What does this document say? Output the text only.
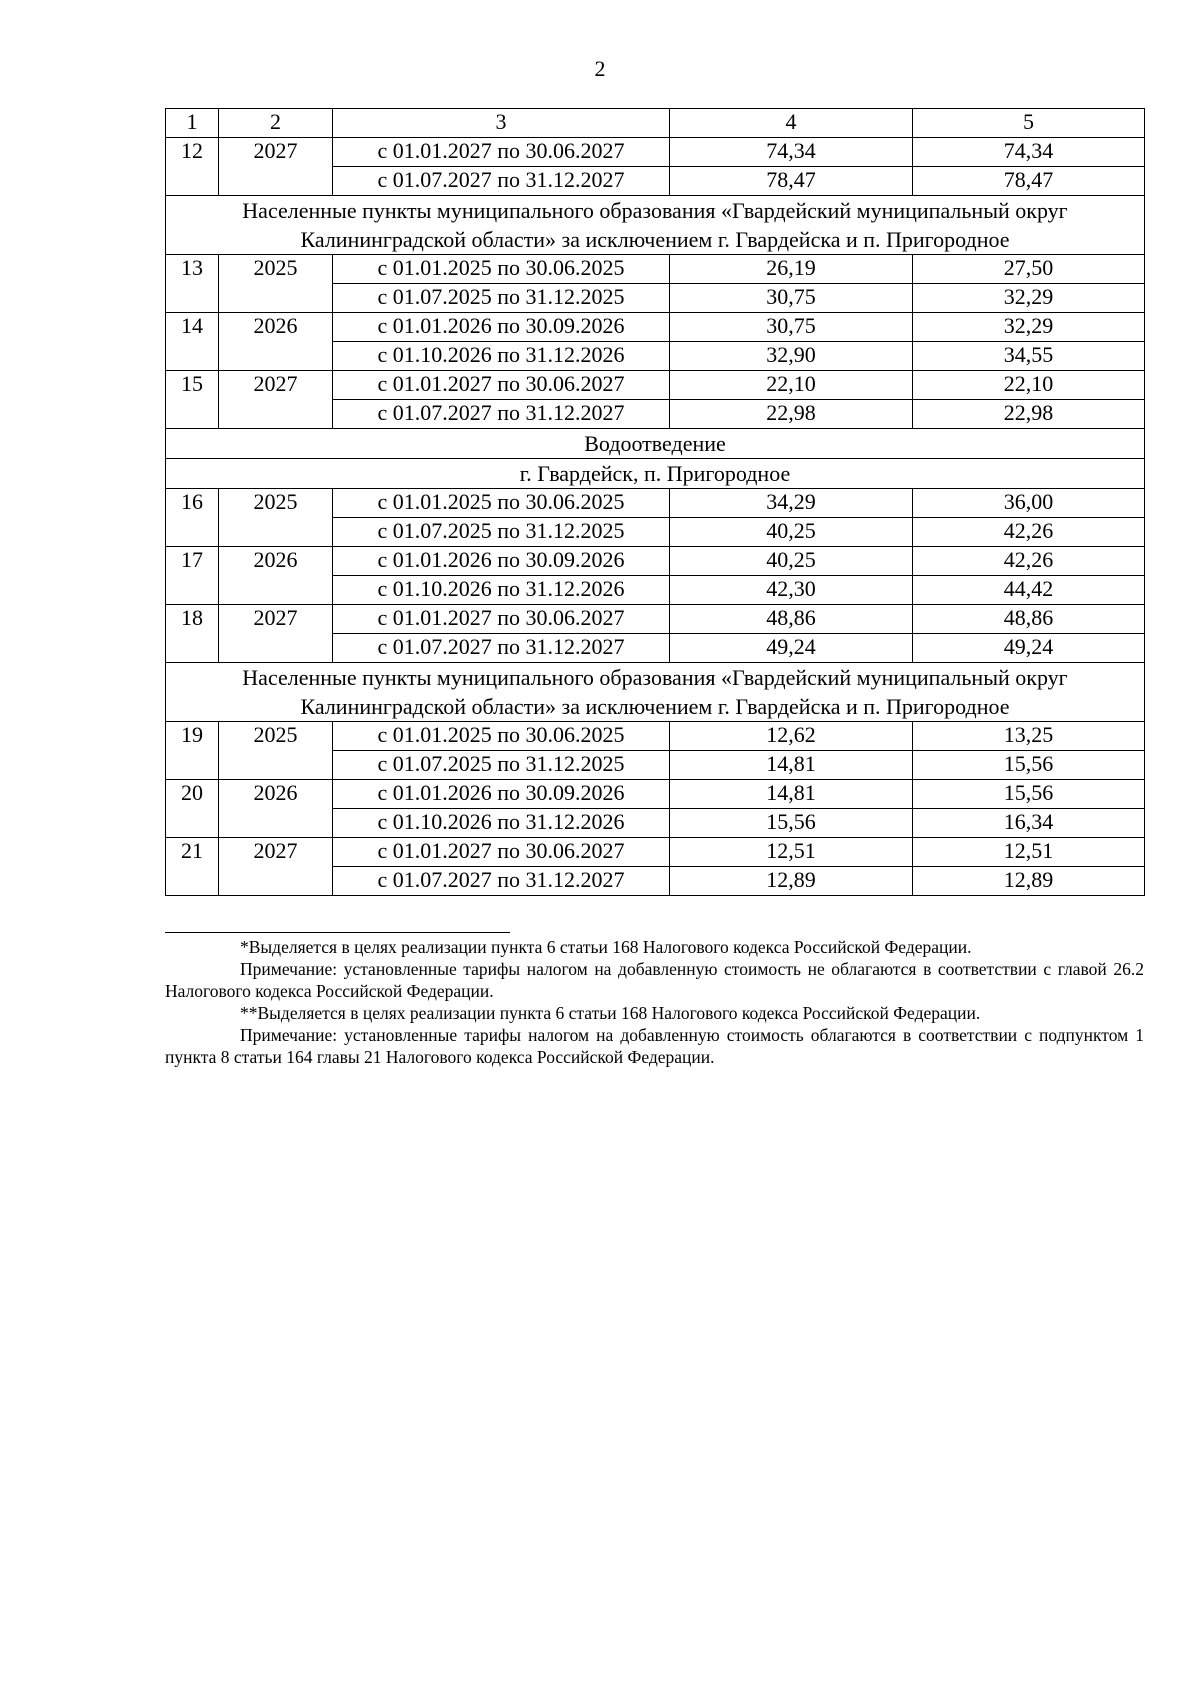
2
1	2	3	4	5
12	2027	с 01.01.2027 по 30.06.2027	74,34	74,34
		с 01.07.2027 по 31.12.2027	78,47	78,47
Населенные пункты муниципального образования «Гвардейский муниципальный округ Калининградской области» за исключением г. Гвардейска и п. Пригородное				
13	2025	с 01.01.2025 по 30.06.2025	26,19	27,50
		с 01.07.2025 по 31.12.2025	30,75	32,29
14	2026	с 01.01.2026 по 30.09.2026	30,75	32,29
		с 01.10.2026 по 31.12.2026	32,90	34,55
15	2027	с 01.01.2027 по 30.06.2027	22,10	22,10
		с 01.07.2027 по 31.12.2027	22,98	22,98
Водоотведение				
г. Гвардейск, п. Пригородное				
16	2025	с 01.01.2025 по 30.06.2025	34,29	36,00
		с 01.07.2025 по 31.12.2025	40,25	42,26
17	2026	с 01.01.2026 по 30.09.2026	40,25	42,26
		с 01.10.2026 по 31.12.2026	42,30	44,42
18	2027	с 01.01.2027 по 30.06.2027	48,86	48,86
		с 01.07.2027 по 31.12.2027	49,24	49,24
Населенные пункты муниципального образования «Гвардейский муниципальный округ Калининградской области» за исключением г. Гвардейска и п. Пригородное				
19	2025	с 01.01.2025 по 30.06.2025	12,62	13,25
		с 01.07.2025 по 31.12.2025	14,81	15,56
20	2026	с 01.01.2026 по 30.09.2026	14,81	15,56
		с 01.10.2026 по 31.12.2026	15,56	16,34
21	2027	с 01.01.2027 по 30.06.2027	12,51	12,51
		с 01.07.2027 по 31.12.2027	12,89	12,89
*Выделяется в целях реализации пункта 6 статьи 168 Налогового кодекса Российской Федерации.
Примечание: установленные тарифы налогом на добавленную стоимость не облагаются в соответствии с главой 26.2 Налогового кодекса Российской Федерации.
**Выделяется в целях реализации пункта 6 статьи 168 Налогового кодекса Российской Федерации.
Примечание: установленные тарифы налогом на добавленную стоимость облагаются в соответствии с подпунктом 1 пункта 8 статьи 164 главы 21 Налогового кодекса Российской Федерации.
